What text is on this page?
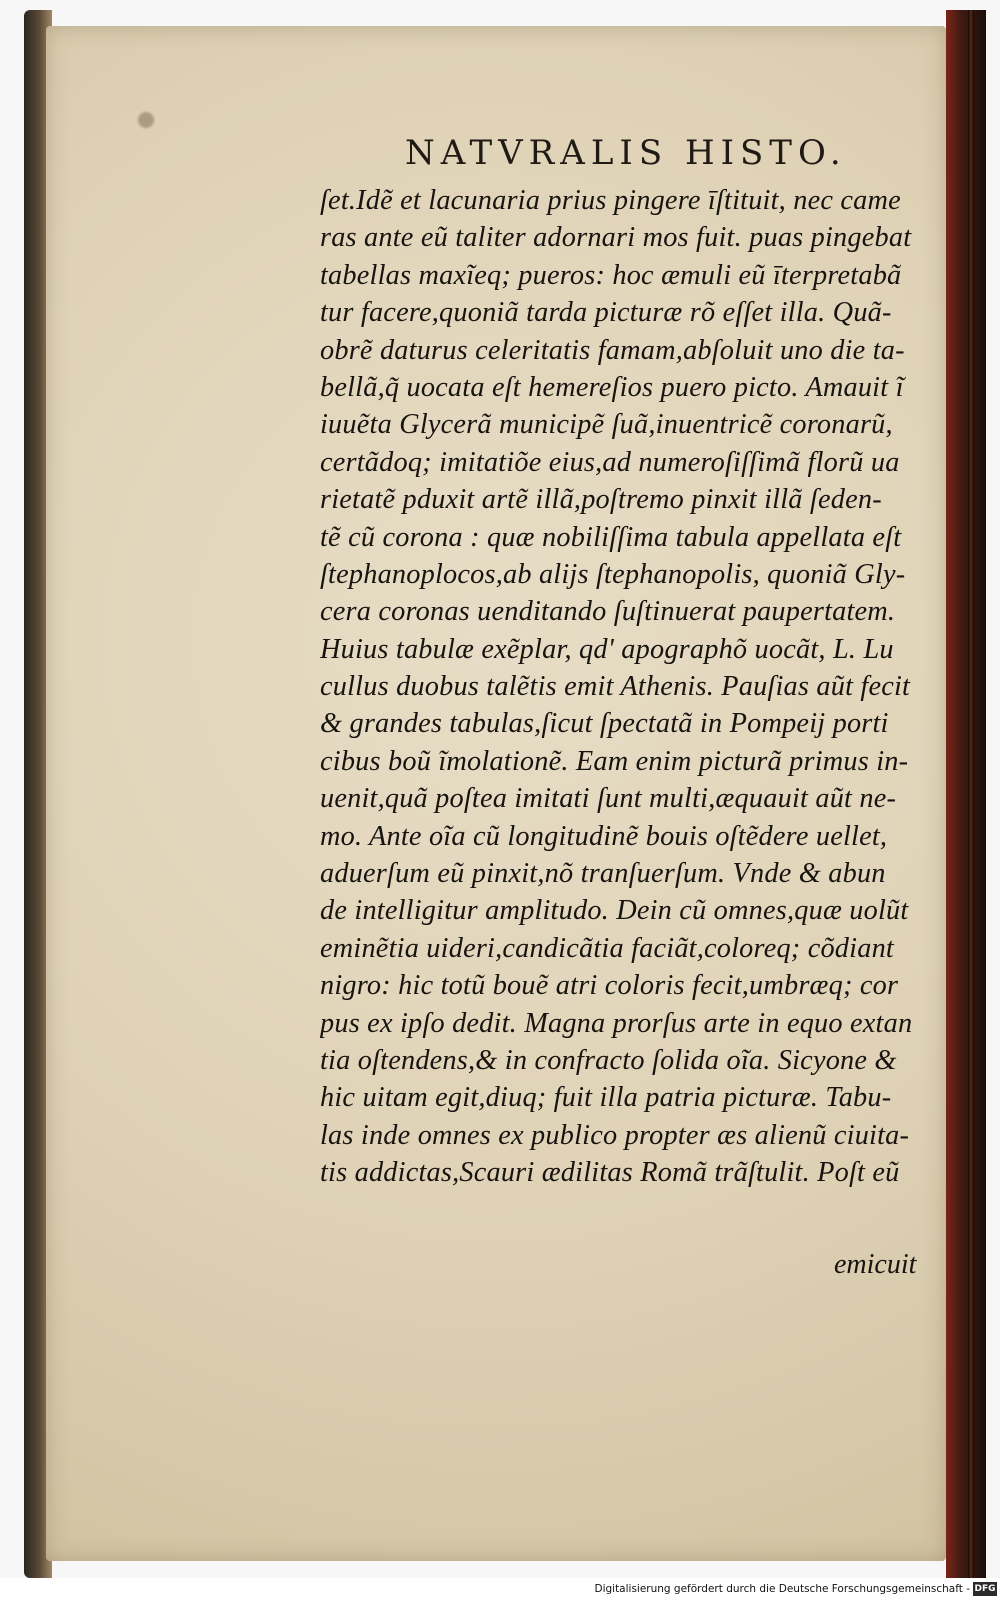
NATVRALIS HISTO.
ſet.Idẽ et lacunaria prius pingere īſtituit, nec came
ras ante eũ taliter adornari mos fuit. puas pingebat
tabellas maxĩeq; pueros: hoc æmuli eũ īterpretabã
tur facere,quoniã tarda picturæ rõ eſſet illa. Quã-
obrẽ daturus celeritatis famam,abſoluit uno die ta-
bellã,q̃ uocata eſt hemereſios puero picto. Amauit ĩ
iuuẽta Glycerã municipẽ ſuã,inuentricẽ coronarũ,
certãdoq; imitatiõe eius,ad numeroſiſſimã florũ ua
rietatẽ pduxit artẽ illã,poſtremo pinxit illã ſeden-
tẽ cũ corona : quæ nobiliſſima tabula appellata eſt
ſtephanoplocos,ab alijs ſtephanopolis, quoniã Gly-
cera coronas uenditando ſuſtinuerat paupertatem.
Huius tabulæ exẽplar, qd' apographõ uocãt, L. Lu
cullus duobus talẽtis emit Athenis. Pauſias aũt fecit
& grandes tabulas,ſicut ſpectatã in Pompeij porti
cibus boũ ĩmolationẽ. Eam enim picturã primus in-
uenit,quã poſtea imitati ſunt multi,æquauit aũt ne-
mo. Ante oĩa cũ longitudinẽ bouis oſtẽdere uellet,
aduerſum eũ pinxit,nõ tranſuerſum. Vnde & abun
de intelligitur amplitudo. Dein cũ omnes,quæ uolũt
eminẽtia uideri,candicãtia faciãt,coloreq; cõdiant
nigro: hic totũ bouẽ atri coloris fecit,umbræq; cor
pus ex ipſo dedit. Magna prorſus arte in equo extan
tia oſtendens,& in confracto ſolida oĩa. Sicyone &
hic uitam egit,diuq; fuit illa patria picturæ. Tabu-
las inde omnes ex publico propter æs alienũ ciuita-
tis addictas,Scauri ædilitas Romã trãſtulit. Poſt eũ
emicuit
Digitalisierung gefördert durch die Deutsche Forschungsgemeinschaft - DFG
